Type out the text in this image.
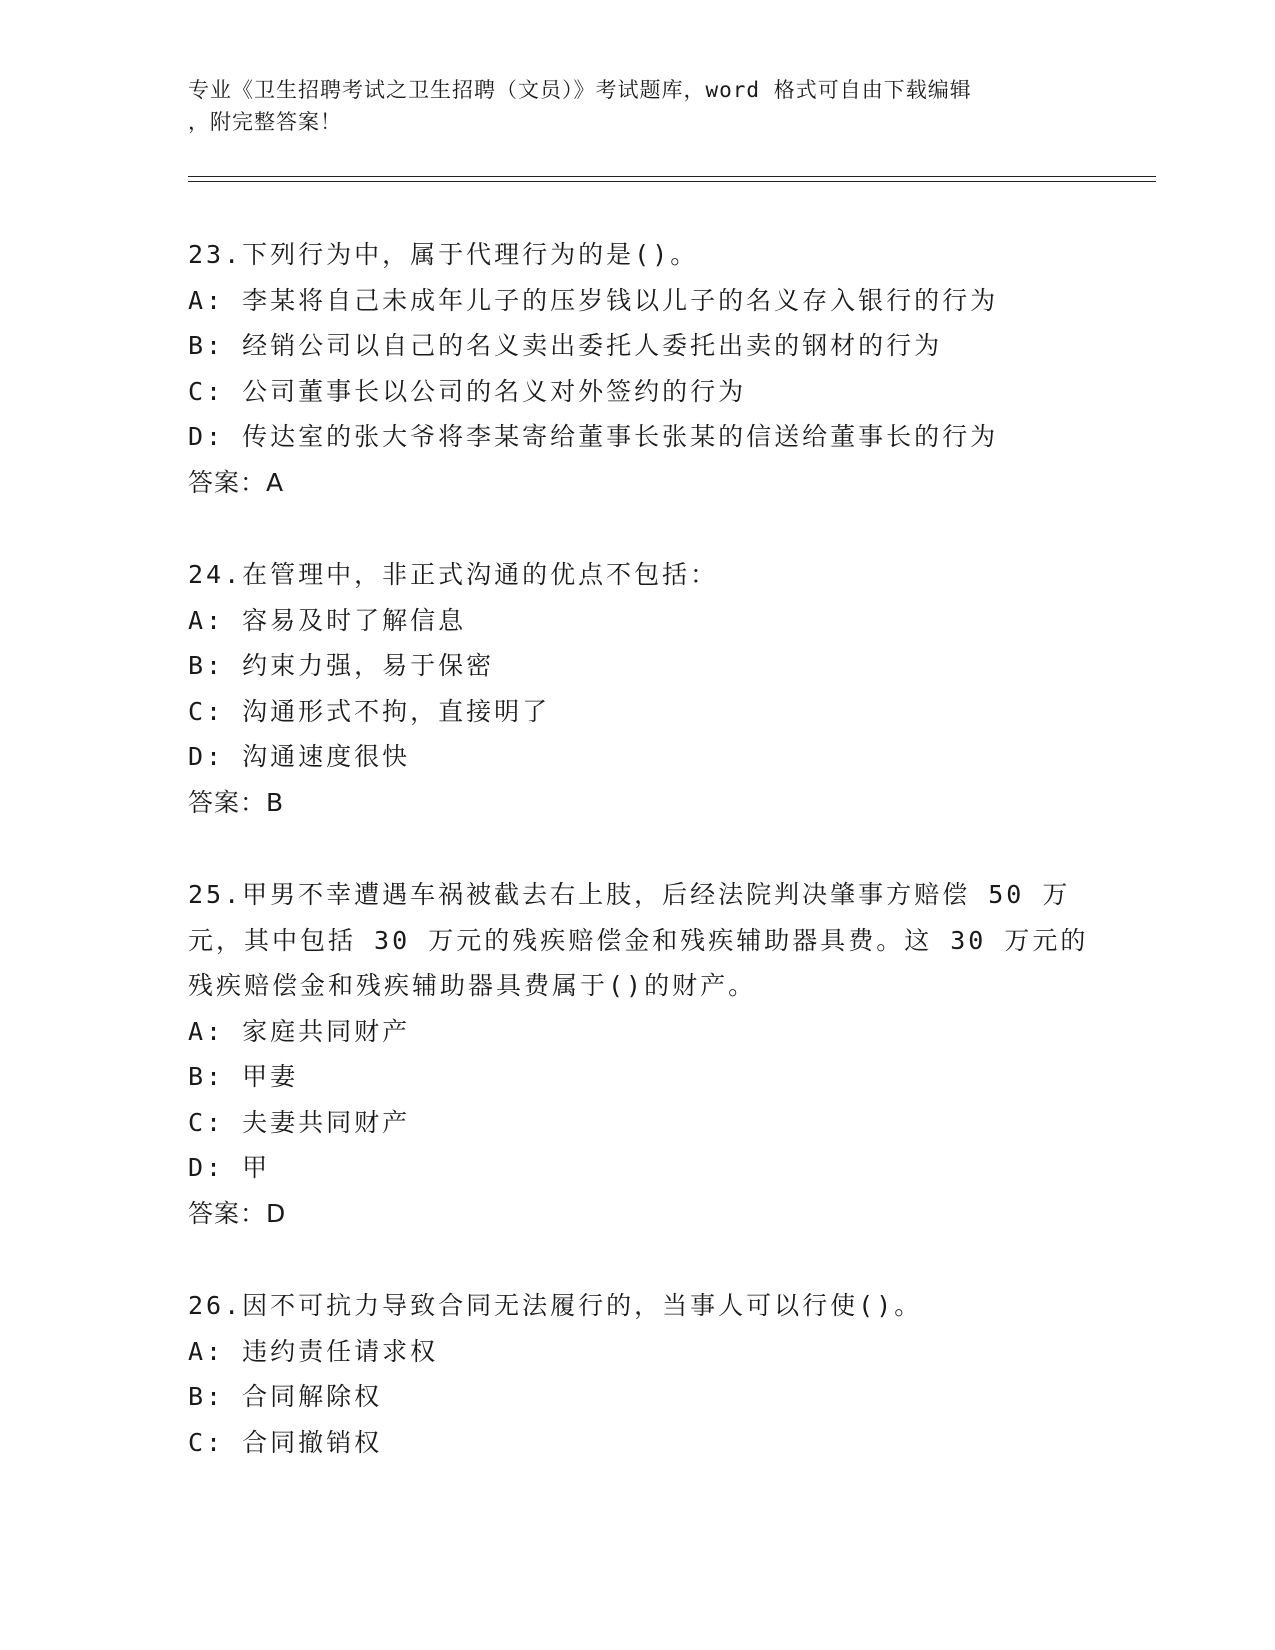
专业《卫生招聘考试之卫生招聘（文员）》考试题库，word 格式可自由下载编辑
，附完整答案！
23.下列行为中，属于代理行为的是()。
A: 李某将自己未成年儿子的压岁钱以儿子的名义存入银行的行为
B: 经销公司以自己的名义卖出委托人委托出卖的钢材的行为
C: 公司董事长以公司的名义对外签约的行为
D: 传达室的张大爷将李某寄给董事长张某的信送给董事长的行为
答案：A
24.在管理中，非正式沟通的优点不包括：
A: 容易及时了解信息
B: 约束力强，易于保密
C: 沟通形式不拘，直接明了
D: 沟通速度很快
答案：B
25.甲男不幸遭遇车祸被截去右上肢，后经法院判决肇事方赔偿 50 万
元，其中包括 30 万元的残疾赔偿金和残疾辅助器具费。这 30 万元的
残疾赔偿金和残疾辅助器具费属于()的财产。
A: 家庭共同财产
B: 甲妻
C: 夫妻共同财产
D: 甲
答案：D
26.因不可抗力导致合同无法履行的，当事人可以行使()。
A: 违约责任请求权
B: 合同解除权
C: 合同撤销权
